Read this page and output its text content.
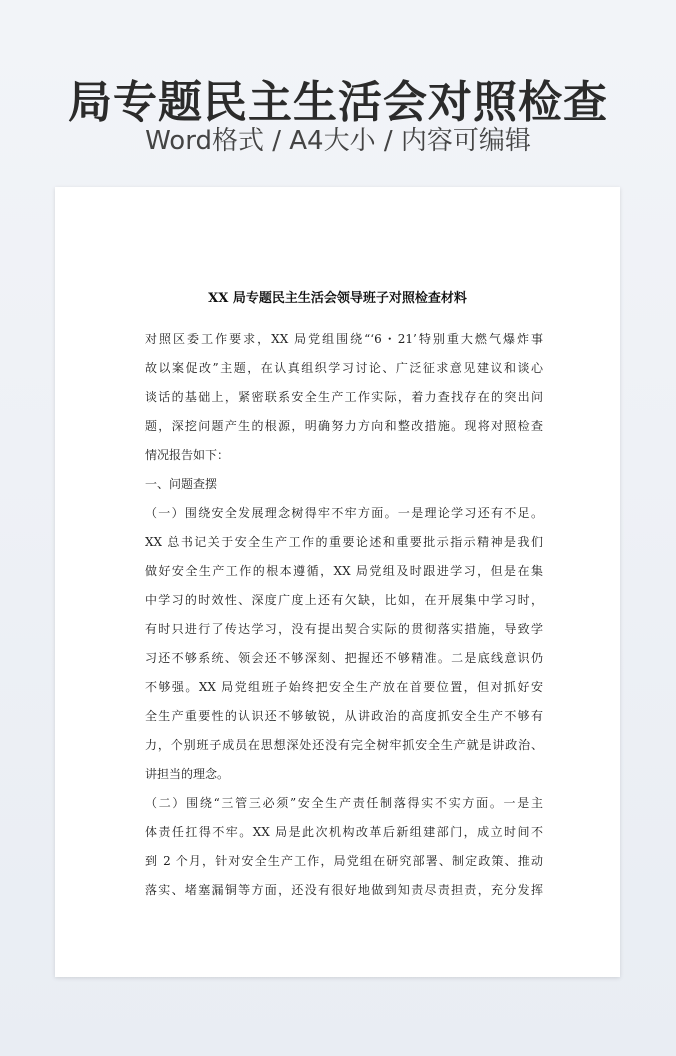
局专题民主生活会对照检查
Word格式 / A4大小 / 内容可编辑
XX 局专题民主生活会领导班子对照检查材料
对照区委工作要求，XX 局党组围绕“‘6・21’特别重大燃气爆炸事
故以案促改”主题，在认真组织学习讨论、广泛征求意见建议和谈心
谈话的基础上，紧密联系安全生产工作实际，着力查找存在的突出问
题，深挖问题产生的根源，明确努力方向和整改措施。现将对照检查
情况报告如下：
一、问题查摆
（一）围绕安全发展理念树得牢不牢方面。一是理论学习还有不足。
XX 总书记关于安全生产工作的重要论述和重要批示指示精神是我们
做好安全生产工作的根本遵循，XX 局党组及时跟进学习，但是在集
中学习的时效性、深度广度上还有欠缺，比如，在开展集中学习时，
有时只进行了传达学习，没有提出契合实际的贯彻落实措施，导致学
习还不够系统、领会还不够深刻、把握还不够精准。二是底线意识仍
不够强。XX 局党组班子始终把安全生产放在首要位置，但对抓好安
全生产重要性的认识还不够敏锐，从讲政治的高度抓安全生产不够有
力，个别班子成员在思想深处还没有完全树牢抓安全生产就是讲政治、
讲担当的理念。
（二）围绕“三管三必须”安全生产责任制落得实不实方面。一是主
体责任扛得不牢。XX 局是此次机构改革后新组建部门，成立时间不
到 2 个月，针对安全生产工作，局党组在研究部署、制定政策、推动
落实、堵塞漏铜等方面，还没有很好地做到知责尽责担责，充分发挥
